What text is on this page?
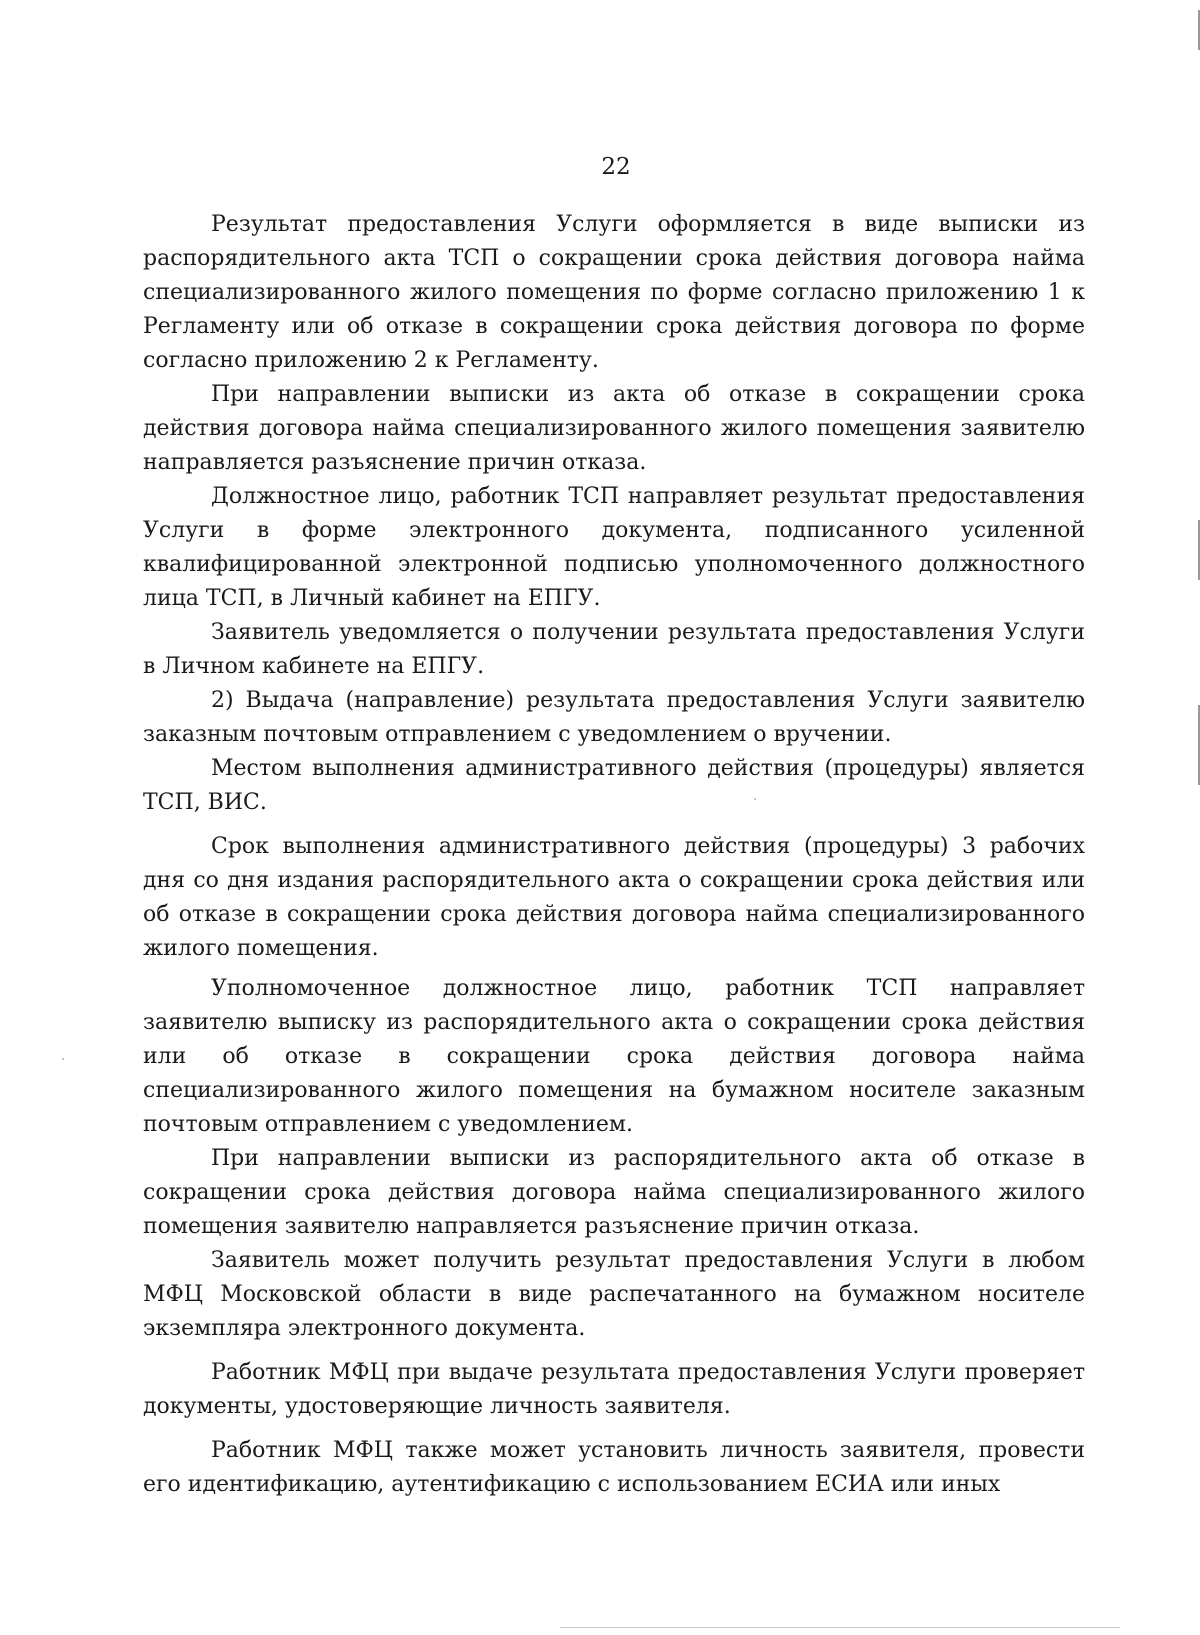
22

Результат предоставления Услуги оформляется в виде выписки из распорядительного акта ТСП о сокращении срока действия договора найма специализированного жилого помещения по форме согласно приложению 1 к Регламенту или об отказе в сокращении срока действия договора по форме согласно приложению 2 к Регламенту.

При направлении выписки из акта об отказе в сокращении срока действия договора найма специализированного жилого помещения заявителю направляется разъяснение причин отказа.

Должностное лицо, работник ТСП направляет результат предоставления Услуги в форме электронного документа, подписанного усиленной квалифицированной электронной подписью уполномоченного должностного лица ТСП, в Личный кабинет на ЕПГУ.

Заявитель уведомляется о получении результата предоставления Услуги в Личном кабинете на ЕПГУ.

2) Выдача (направление) результата предоставления Услуги заявителю заказным почтовым отправлением с уведомлением о вручении.

Местом выполнения административного действия (процедуры) является ТСП, ВИС.

Срок выполнения административного действия (процедуры) 3 рабочих дня со дня издания распорядительного акта о сокращении срока действия или об отказе в сокращении срока действия договора найма специализированного жилого помещения.

Уполномоченное должностное лицо, работник ТСП направляет заявителю выписку из распорядительного акта о сокращении срока действия или об отказе в сокращении срока действия договора найма специализированного жилого помещения на бумажном носителе заказным почтовым отправлением с уведомлением.

При направлении выписки из распорядительного акта об отказе в сокращении срока действия договора найма специализированного жилого помещения заявителю направляется разъяснение причин отказа.

Заявитель может получить результат предоставления Услуги в любом МФЦ Московской области в виде распечатанного на бумажном носителе экземпляра электронного документа.

Работник МФЦ при выдаче результата предоставления Услуги проверяет документы, удостоверяющие личность заявителя.

Работник МФЦ также может установить личность заявителя, провести его идентификацию, аутентификацию с использованием ЕСИА или иных
